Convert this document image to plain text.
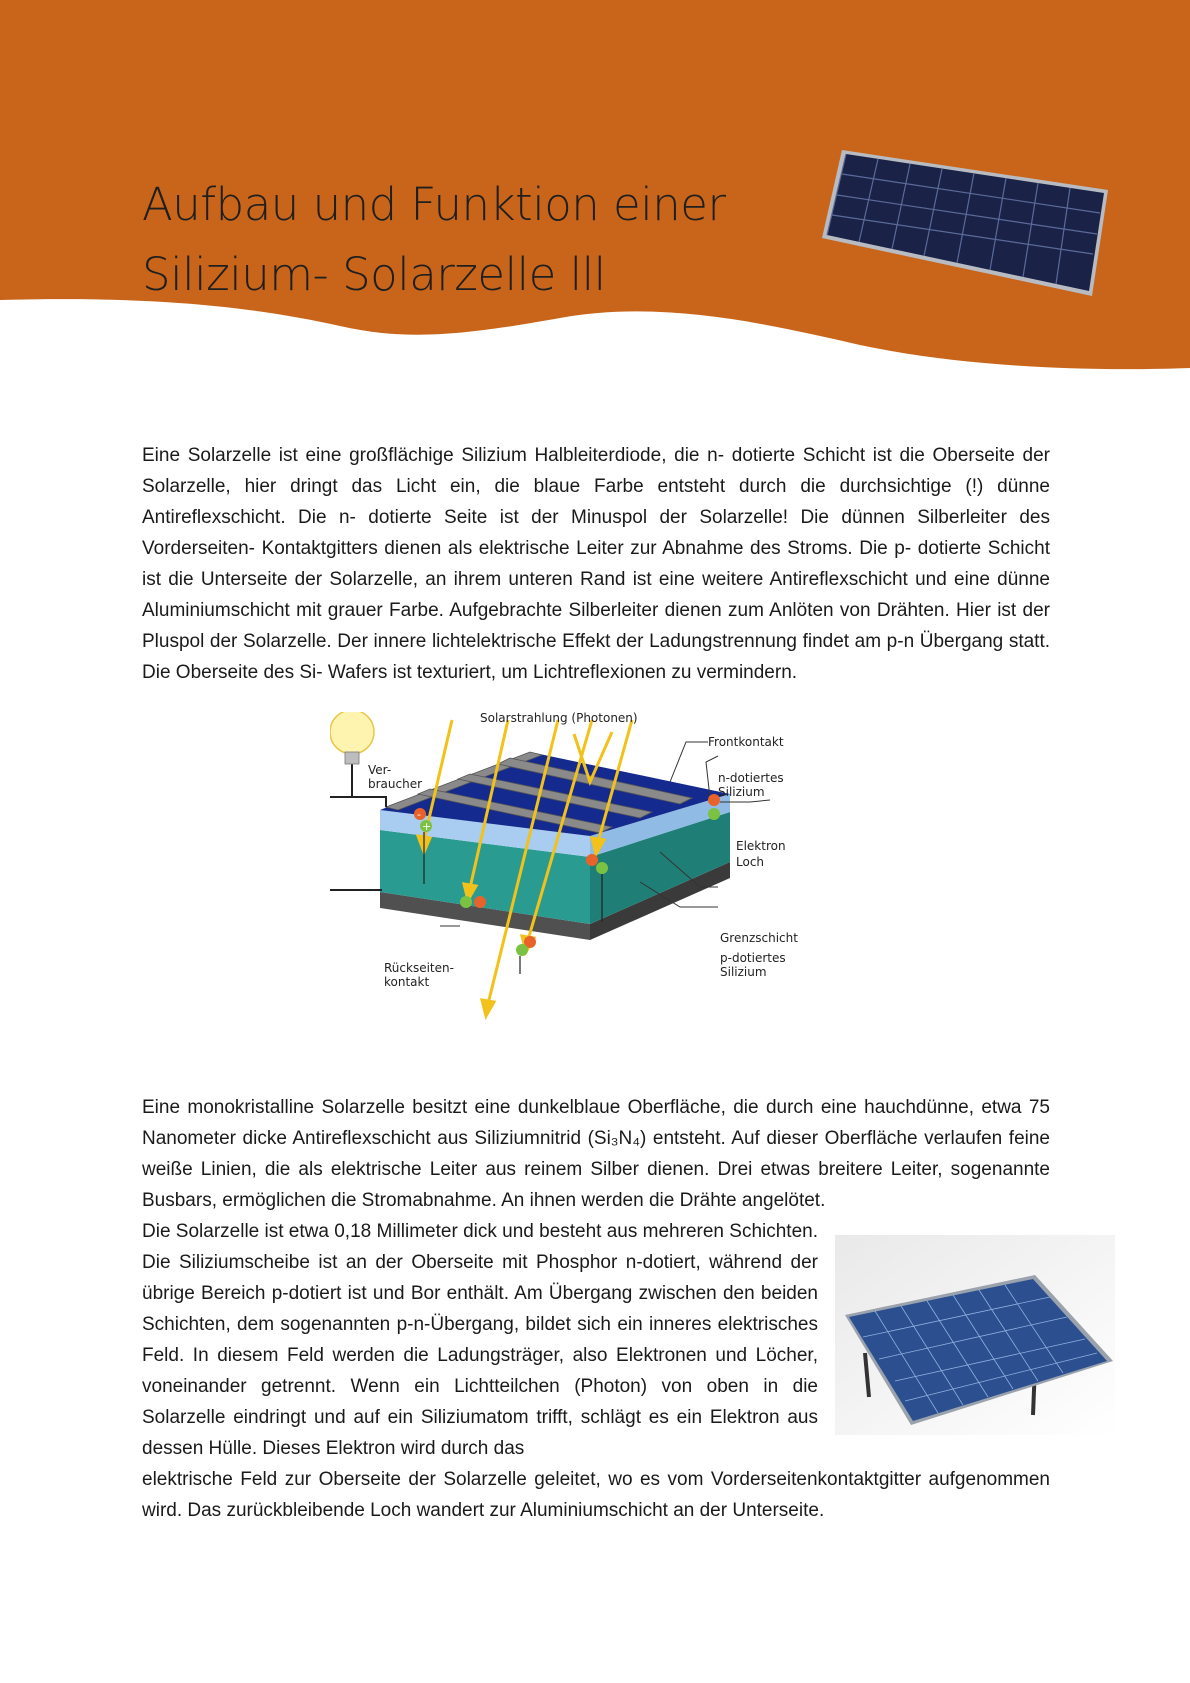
Aufbau und Funktion einer
Silizium- Solarzelle lll

Eine Solarzelle ist eine großflächige Silizium Halbleiterdiode, die n- dotierte Schicht ist die Oberseite der Solarzelle, hier dringt das Licht ein, die blaue Farbe entsteht durch die durchsichtige (!) dünne Antireflexschicht. Die n- dotierte Seite ist der Minuspol der Solarzelle! Die dünnen Silberleiter des Vorderseiten- Kontaktgitters dienen als elektrische Leiter zur Abnahme des Stroms. Die p- dotierte Schicht ist die Unterseite der Solarzelle, an ihrem unteren Rand ist eine weitere Antireflexschicht und eine dünne Aluminiumschicht mit grauer Farbe. Aufgebrachte Silberleiter dienen zum Anlöten von Drähten. Hier ist der Pluspol der Solarzelle. Der innere lichtelektrische Effekt der Ladungstrennung findet am p-n Übergang statt. Die Oberseite des Si- Wafers ist texturiert, um Lichtreflexionen zu vermindern.

-
+
Solarstrahlung (Photonen)
Ver-
braucher
Frontkontakt
n-dotiertes
Silizium
Elektron
Loch
Grenzschicht
p-dotiertes
Silizium
Rückseiten-
kontakt

Eine monokristalline Solarzelle besitzt eine dunkelblaue Oberfläche, die durch eine hauchdünne, etwa 75 Nanometer dicke Antireflexschicht aus Siliziumnitrid (Si₃N₄) entsteht. Auf dieser Oberfläche verlaufen feine weiße Linien, die als elektrische Leiter aus reinem Silber dienen. Drei etwas breitere Leiter, sogenannte Busbars, ermöglichen die Stromabnahme. An ihnen werden die Drähte angelötet.

Die Solarzelle ist etwa 0,18 Millimeter dick und besteht aus mehreren Schichten. Die Siliziumscheibe ist an der Oberseite mit Phosphor n-dotiert, während der übrige Bereich p-dotiert ist und Bor enthält. Am Übergang zwischen den beiden Schichten, dem sogenannten p-n-Übergang, bildet sich ein inneres elektrisches Feld. In diesem Feld werden die Ladungsträger, also Elektronen und Löcher, voneinander getrennt. Wenn ein Lichtteilchen (Photon) von oben in die Solarzelle eindringt und auf ein Siliziumatom trifft, schlägt es ein Elektron aus dessen Hülle. Dieses Elektron wird durch das

elektrische Feld zur Oberseite der Solarzelle geleitet, wo es vom Vorderseitenkontaktgitter aufgenommen wird. Das zurückbleibende Loch wandert zur Aluminiumschicht an der Unterseite.
